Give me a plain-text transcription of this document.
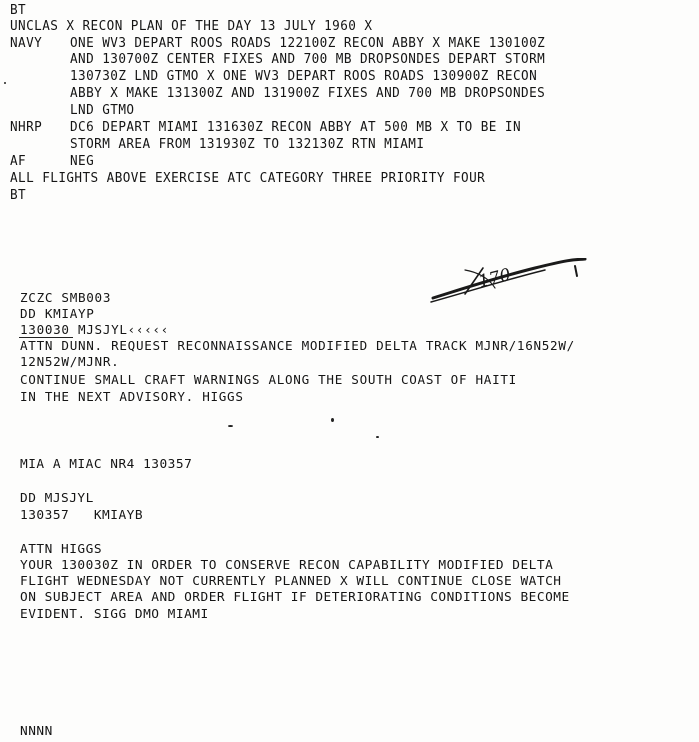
BT
UNCLAS X RECON PLAN OF THE DAY 13 JULY 1960 X
NAVY ONE WV3 DEPART ROOS ROADS 122100Z RECON ABBY X MAKE 130100Z
AND 130700Z CENTER FIXES AND 700 MB DROPSONDES DEPART STORM
130730Z LND GTMO X ONE WV3 DEPART ROOS ROADS 130900Z RECON
ABBY X MAKE 131300Z AND 131900Z FIXES AND 700 MB DROPSONDES
LND GTMO
NHRP DC6 DEPART MIAMI 131630Z RECON ABBY AT 500 MB X TO BE IN
STORM AREA FROM 131930Z TO 132130Z RTN MIAMI
AF	NEG
ALL FLIGHTS ABOVE EXERCISE ATC CATEGORY THREE PRIORITY FOUR
BT
170
ZCZC SMB003
DD KMIAYP
130030 MJSJYL‹‹‹‹‹
ATTN DUNN. REQUEST RECONNAISSANCE MODIFIED DELTA TRACK MJNR/16N52W/
12N52W/MJNR.
CONTINUE SMALL CRAFT WARNINGS ALONG THE SOUTH COAST OF HAITI
IN THE NEXT ADVISORY. HIGGS
MIA A MIAC NR4 130357
DD MJSJYL
130357   KMIAYB
ATTN HIGGS
YOUR 130030Z IN ORDER TO CONSERVE RECON CAPABILITY MODIFIED DELTA
FLIGHT WEDNESDAY NOT CURRENTLY PLANNED X WILL CONTINUE CLOSE WATCH
ON SUBJECT AREA AND ORDER FLIGHT IF DETERIORATING CONDITIONS BECOME
EVIDENT. SIGG DMO MIAMI
NNNN
